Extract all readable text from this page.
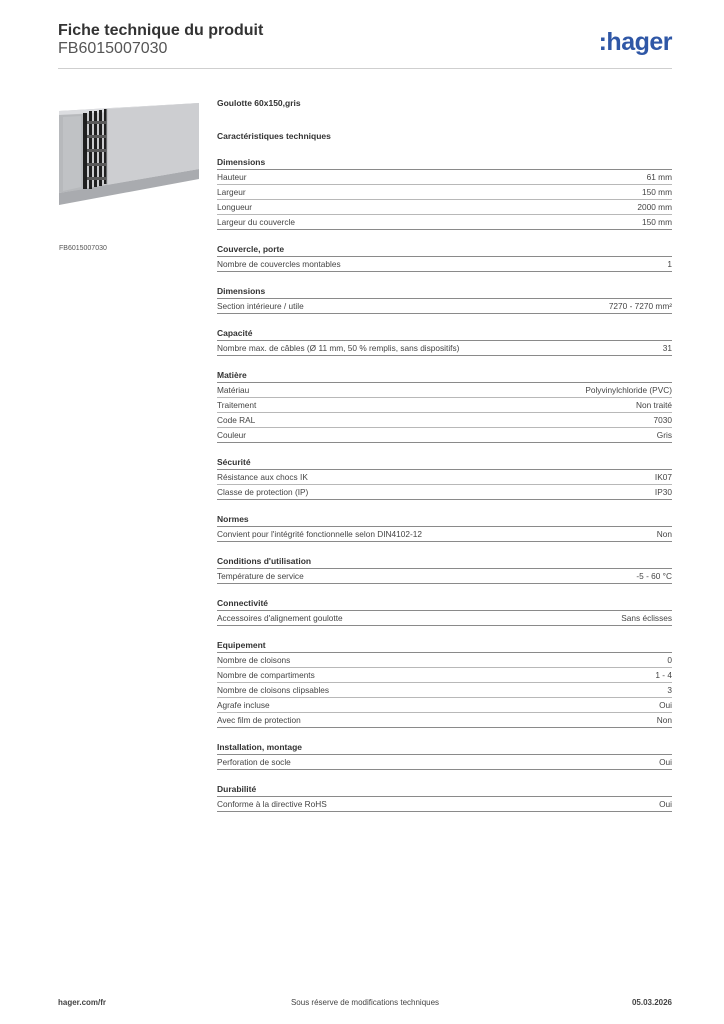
Fiche technique du produit
FB6015007030	:hager
FB6015007030
Goulotte 60x150,gris
Caractéristiques techniques
Dimensions
Hauteur	61 mm
Largeur	150 mm
Longueur	2000 mm
Largeur du couvercle	150 mm
Couvercle, porte
Nombre de couvercles montables	1
Dimensions
Section intérieure / utile	7270 - 7270 mm²
Capacité
Nombre max. de câbles (Ø 11 mm, 50 % remplis, sans dispositifs)	31
Matière
Matériau	Polyvinylchloride (PVC)
Traitement	Non traité
Code RAL	7030
Couleur	Gris
Sécurité
Résistance aux chocs IK	IK07
Classe de protection (IP)	IP30
Normes
Convient pour l'intégrité fonctionnelle selon DIN4102-12	Non
Conditions d'utilisation
Température de service	-5 - 60 °C
Connectivité
Accessoires d'alignement goulotte	Sans éclisses
Equipement
Nombre de cloisons	0
Nombre de compartiments	1 - 4
Nombre de cloisons clipsables	3
Agrafe incluse	Oui
Avec film de protection	Non
Installation, montage
Perforation de socle	Oui
Durabilité
Conforme à la directive RoHS	Oui
hager.com/fr	Sous réserve de modifications techniques	05.03.2026
